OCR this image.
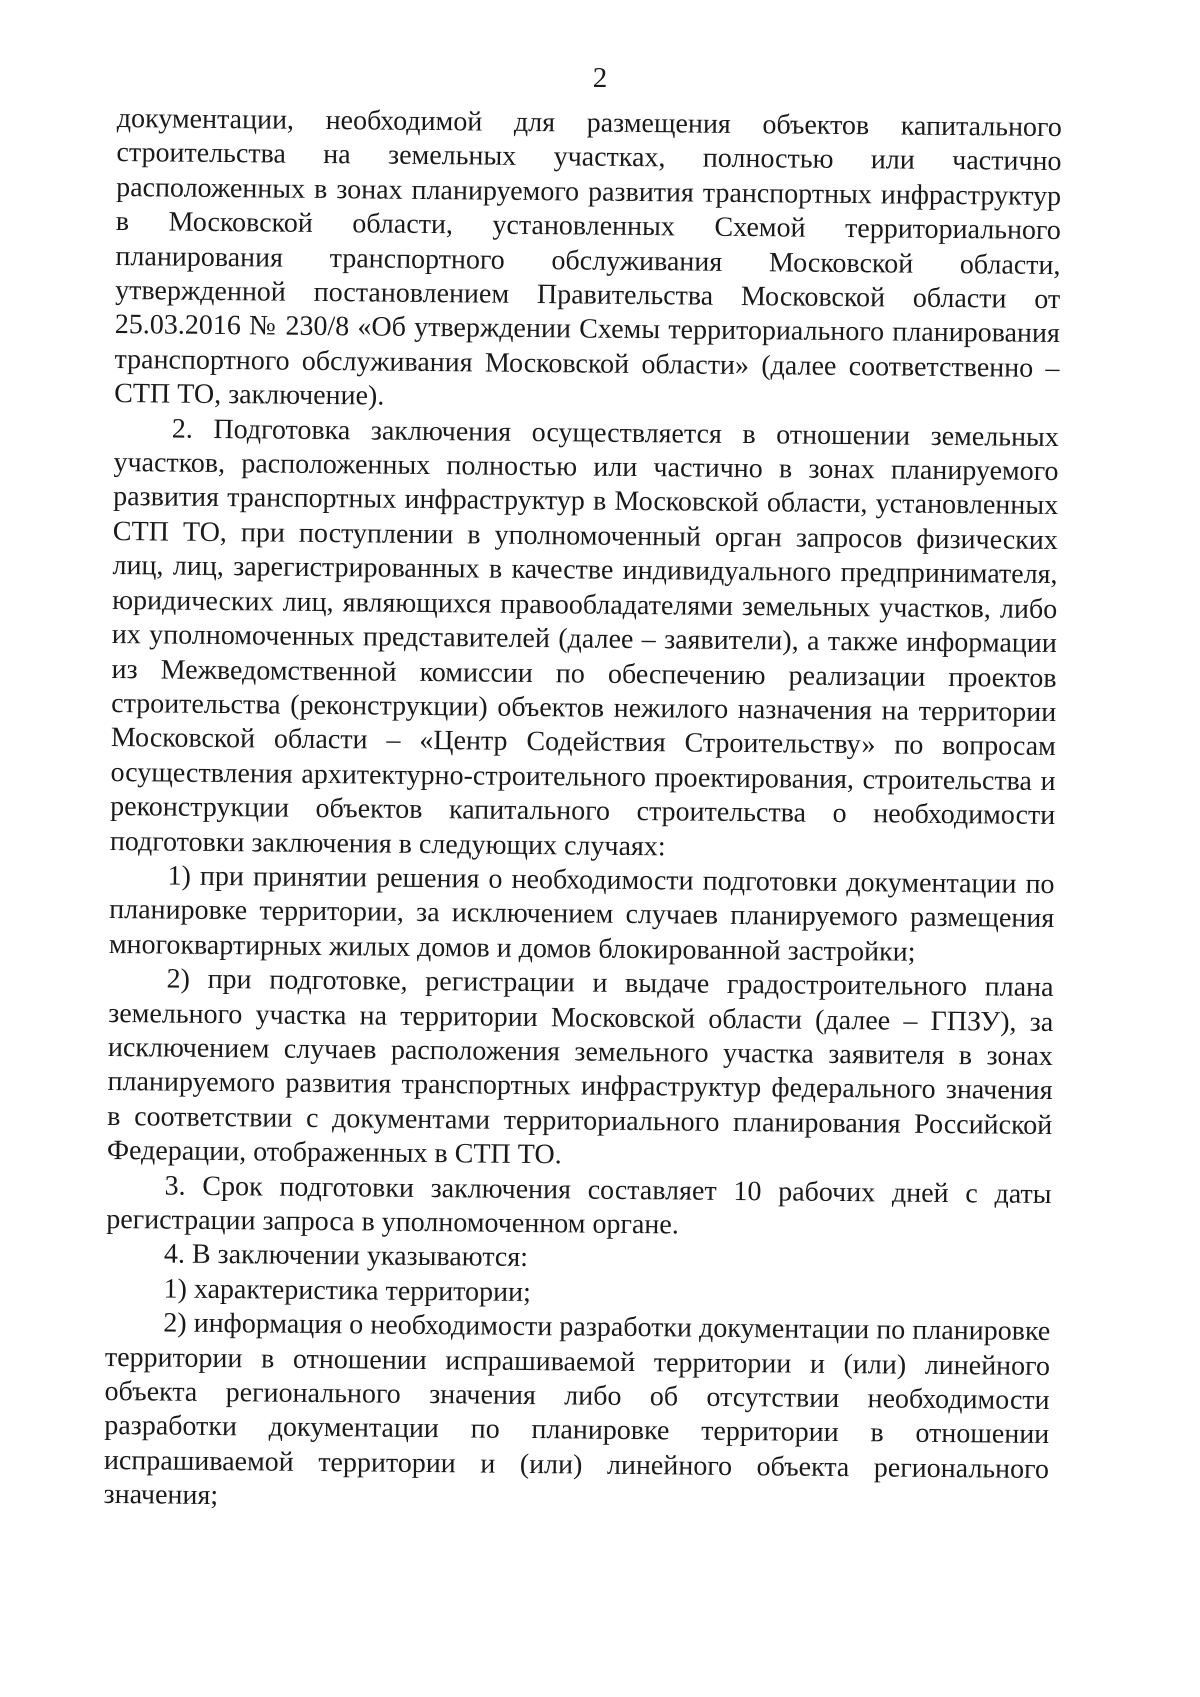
2

документации, необходимой для размещения объектов капитального строительства на земельных участках, полностью или частично расположенных в зонах планируемого развития транспортных инфраструктур в Московской области, установленных Схемой территориального планирования транспортного обслуживания Московской области, утвержденной постановлением Правительства Московской области от 25.03.2016 № 230/8 «Об утверждении Схемы территориального планирования транспортного обслуживания Московской области» (далее соответственно – СТП ТО, заключение).

2. Подготовка заключения осуществляется в отношении земельных участков, расположенных полностью или частично в зонах планируемого развития транспортных инфраструктур в Московской области, установленных СТП ТО, при поступлении в уполномоченный орган запросов физических лиц, лиц, зарегистрированных в качестве индивидуального предпринимателя, юридических лиц, являющихся правообладателями земельных участков, либо их уполномоченных представителей (далее – заявители), а также информации из Межведомственной комиссии по обеспечению реализации проектов строительства (реконструкции) объектов нежилого назначения на территории Московской области – «Центр Содействия Строительству» по вопросам осуществления архитектурно-строительного проектирования, строительства и реконструкции объектов капитального строительства о необходимости подготовки заключения в следующих случаях:

1) при принятии решения о необходимости подготовки документации по планировке территории, за исключением случаев планируемого размещения многоквартирных жилых домов и домов блокированной застройки;

2) при подготовке, регистрации и выдаче градостроительного плана земельного участка на территории Московской области (далее – ГПЗУ), за исключением случаев расположения земельного участка заявителя в зонах планируемого развития транспортных инфраструктур федерального значения в соответствии с документами территориального планирования Российской Федерации, отображенных в СТП ТО.

3. Срок подготовки заключения составляет 10 рабочих дней с даты регистрации запроса в уполномоченном органе.

4. В заключении указываются:

1) характеристика территории;

2) информация о необходимости разработки документации по планировке территории в отношении испрашиваемой территории и (или) линейного объекта регионального значения либо об отсутствии необходимости разработки документации по планировке территории в отношении испрашиваемой территории и (или) линейного объекта регионального значения;
